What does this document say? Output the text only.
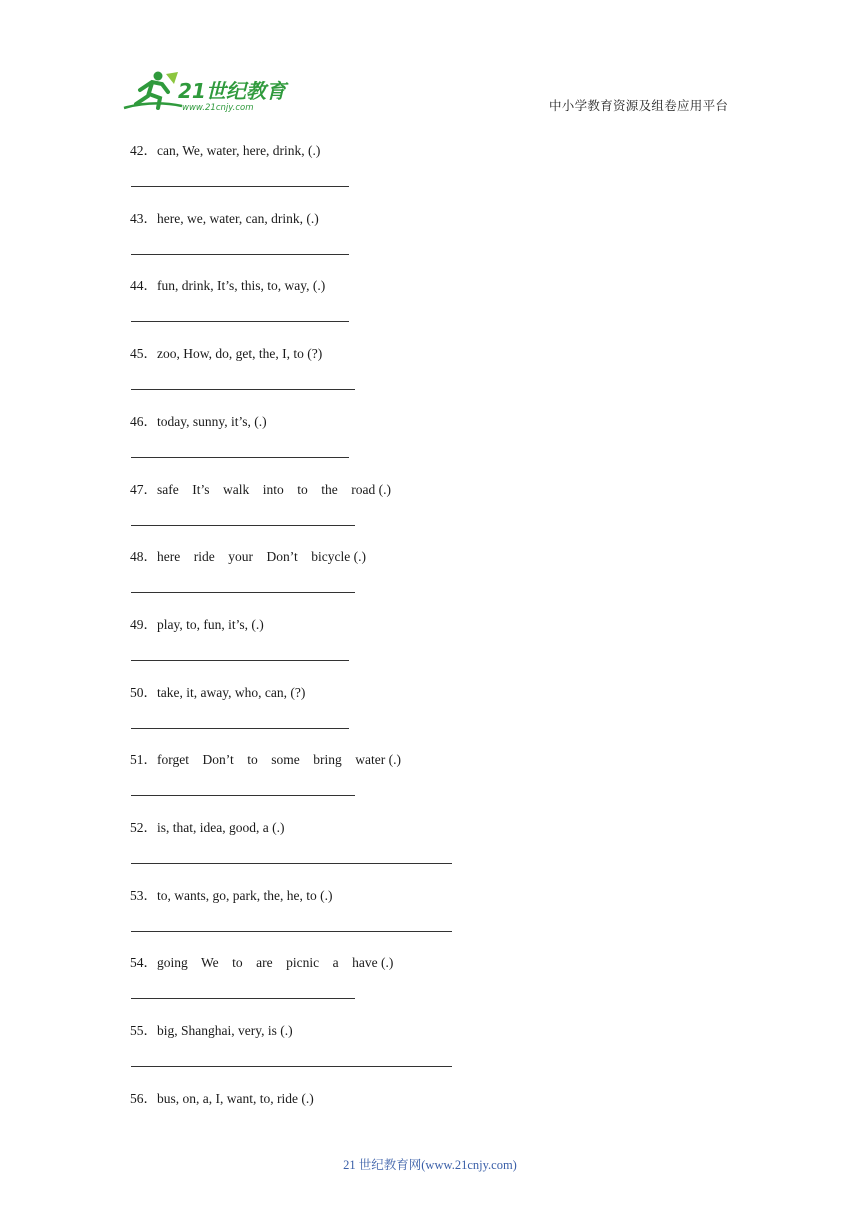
21世纪教育
www.21cnjy.com	中小学教育资源及组卷应用平台
42．can, We, water, here, drink, (.)
43．here, we, water, can, drink, (.)
44．fun, drink, It’s, this, to, way, (.)
45．zoo, How, do, get, the, I, to (?)
46．today, sunny, it’s, (.)
47．safe    It’s    walk    into    to    the    road (.)
48．here    ride    your    Don’t    bicycle (.)
49．play, to, fun, it’s, (.)
50．take, it, away, who, can, (?)
51．forget    Don’t    to    some    bring    water (.)
52．is, that, idea, good, a (.)
53．to, wants, go, park, the, he, to (.)
54．going    We    to    are    picnic    a    have (.)
55．big, Shanghai, very, is (.)
56．bus, on, a, I, want, to, ride (.)
21 世纪教育网(www.21cnjy.com)
